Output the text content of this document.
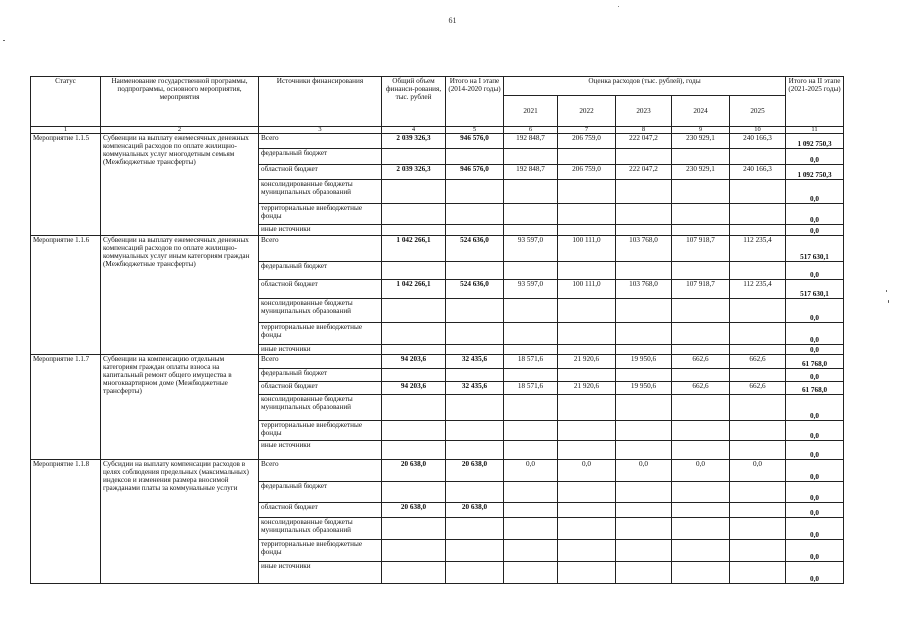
61
Статус	Наименование государственной программы, подпрограммы, основного мероприятия, мероприятия	Источники финансирования	Общий объем финанси-рования, тыс. рублей	Итого на I этапе (2014-2020 годы)	Оценка расходов (тыс. рублей), годы					Итого на II этапе (2021-2025 годы)
					2021	2022	2023	2024	2025	
1	2	3	4	5	6	7	8	9	10	11
Мероприятие 1.1.5	Субвенции на выплату ежемесячных денежных компенсаций расходов по оплате жилищно-коммунальных услуг многодетным семьям (Межбюджетные трансферты)	Всего	2 039 326,3	946 576,0	192 848,7	206 759,0	222 047,2	230 929,1	240 166,3	1 092 750,3
		федеральный бюджет								0,0
		областной бюджет	2 039 326,3	946 576,0	192 848,7	206 759,0	222 047,2	230 929,1	240 166,3	1 092 750,3
		консолидированные бюджеты муниципальных образований								0,0
		территориальные внебюджетные фонды								0,0
		иные источники								0,0
Мероприятие 1.1.6	Субвенции на выплату ежемесячных денежных компенсаций расходов по оплате жилищно-коммунальных услуг иным категориям граждан (Межбюджетные трансферты)	Всего	1 042 266,1	524 636,0	93 597,0	100 111,0	103 768,0	107 918,7	112 235,4	517 630,1
		федеральный бюджет								0,0
		областной бюджет	1 042 266,1	524 636,0	93 597,0	100 111,0	103 768,0	107 918,7	112 235,4	517 630,1
		консолидированные бюджеты муниципальных образований								0,0
		территориальные внебюджетные фонды								0,0
		иные источники								0,0
Мероприятие 1.1.7	Субвенции на компенсацию отдельным категориям граждан оплаты взноса на капитальный ремонт общего имущества в многоквартирном доме (Межбюджетные трансферты)	Всего	94 203,6	32 435,6	18 571,6	21 920,6	19 950,6	662,6	662,6	61 768,0
		федеральный бюджет								0,0
		областной бюджет	94 203,6	32 435,6	18 571,6	21 920,6	19 950,6	662,6	662,6	61 768,0
		консолидированные бюджеты муниципальных образований								0,0
		территориальные внебюджетные фонды								0,0
		иные источники								0,0
Мероприятие 1.1.8	Субсидии на выплату компенсации расходов в целях соблюдения предельных (максимальных) индексов и изменения размера вносимой гражданами платы за коммунальные услуги	Всего	20 638,0	20 638,0	0,0	0,0	0,0	0,0	0,0	0,0
		федеральный бюджет								0,0
		областной бюджет	20 638,0	20 638,0						0,0
		консолидированные бюджеты муниципальных образований								0,0
		территориальные внебюджетные фонды								0,0
		иные источники								0,0
